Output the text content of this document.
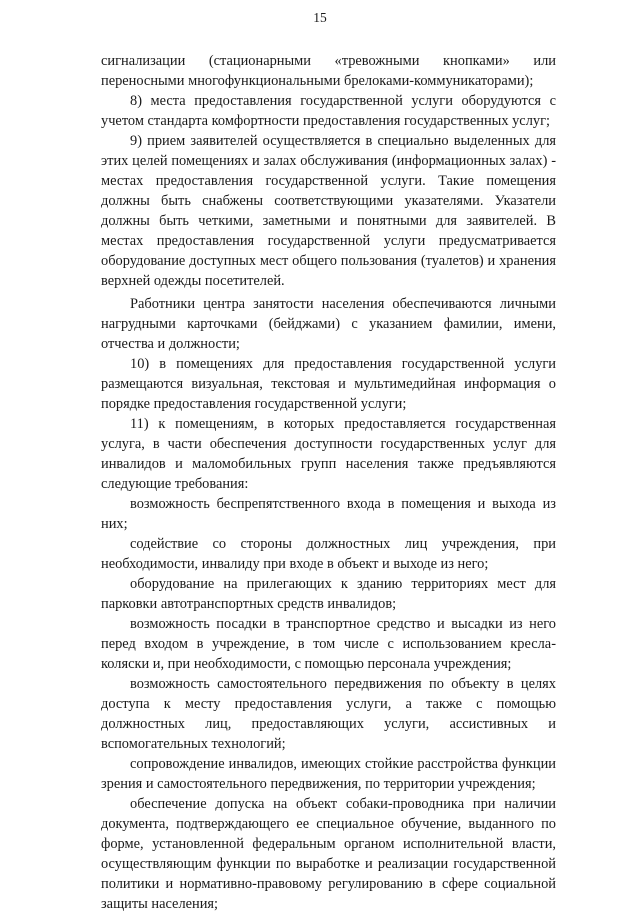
15

сигнализации (стационарными «тревожными кнопками» или переносными многофункциональными брелоками-коммуникаторами);

8) места предоставления государственной услуги оборудуются с учетом стандарта комфортности предоставления государственных услуг;

9) прием заявителей осуществляется в специально выделенных для этих целей помещениях и залах обслуживания (информационных залах) - местах предоставления государственной услуги. Такие помещения должны быть снабжены соответствующими указателями. Указатели должны быть четкими, заметными и понятными для заявителей. В местах предоставления государственной услуги предусматривается оборудование доступных мест общего пользования (туалетов) и хранения верхней одежды посетителей.

Работники центра занятости населения обеспечиваются личными нагрудными карточками (бейджами) с указанием фамилии, имени, отчества и должности;

10) в помещениях для предоставления государственной услуги размещаются визуальная, текстовая и мультимедийная информация о порядке предоставления государственной услуги;

11) к помещениям, в которых предоставляется государственная услуга, в части обеспечения доступности государственных услуг для инвалидов и маломобильных групп населения также предъявляются следующие требования:

возможность беспрепятственного входа в помещения и выхода из них;

содействие со стороны должностных лиц учреждения, при необходимости, инвалиду при входе в объект и выходе из него;

оборудование на прилегающих к зданию территориях мест для парковки автотранспортных средств инвалидов;

возможность посадки в транспортное средство и высадки из него перед входом в учреждение, в том числе с использованием кресла-коляски и, при необходимости, с помощью персонала учреждения;

возможность самостоятельного передвижения по объекту в целях доступа к месту предоставления услуги, а также с помощью должностных лиц, предоставляющих услуги, ассистивных и вспомогательных технологий;

сопровождение инвалидов, имеющих стойкие расстройства функции зрения и самостоятельного передвижения, по территории учреждения;

обеспечение допуска на объект собаки-проводника при наличии документа, подтверждающего ее специальное обучение, выданного по форме, установленной федеральным органом исполнительной власти, осуществляющим функции по выработке и реализации государственной политики и нормативно-правовому регулированию в сфере социальной защиты населения;
